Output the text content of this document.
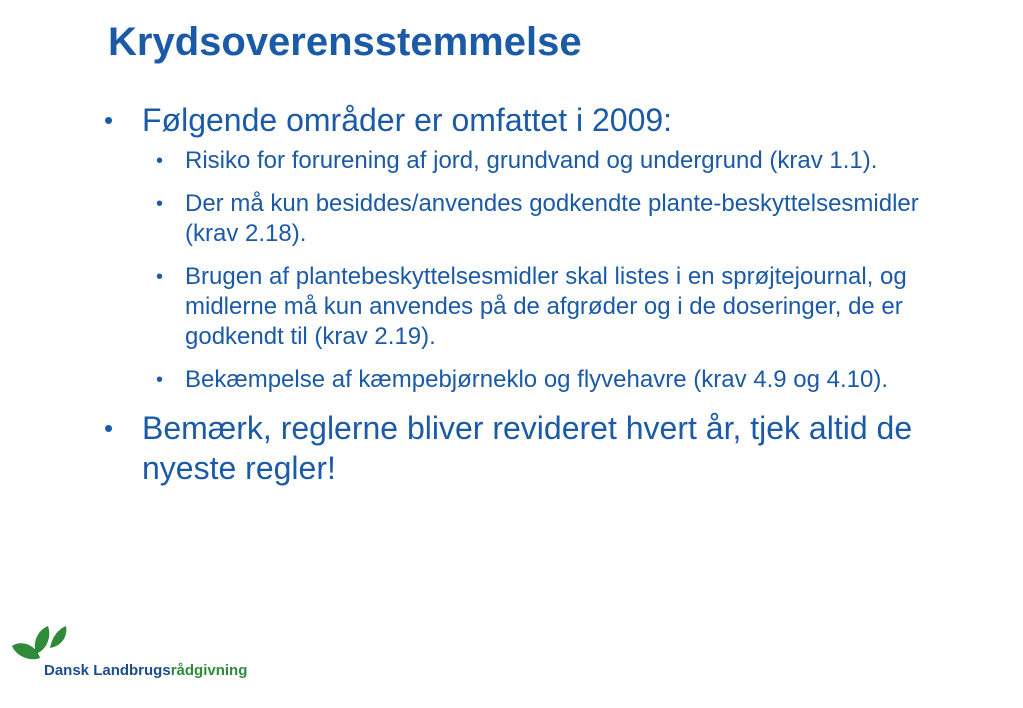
Krydsoverensstemmelse
• Følgende områder er omfattet i 2009:
• Risiko for forurening af jord, grundvand og undergrund (krav 1.1).
• Der må kun besiddes/anvendes godkendte plante-beskyttelsesmidler (krav 2.18).
• Brugen af plantebeskyttelsesmidler skal listes i en sprøjtejournal, og midlerne må kun anvendes på de afgrøder og i de doseringer, de er godkendt til (krav 2.19).
• Bekæmpelse af kæmpebjørneklo og flyvehavre (krav 4.9 og 4.10).
• Bemærk, reglerne bliver revideret hvert år, tjek altid de nyeste regler!
Dansk Landbrugsrådgivning
